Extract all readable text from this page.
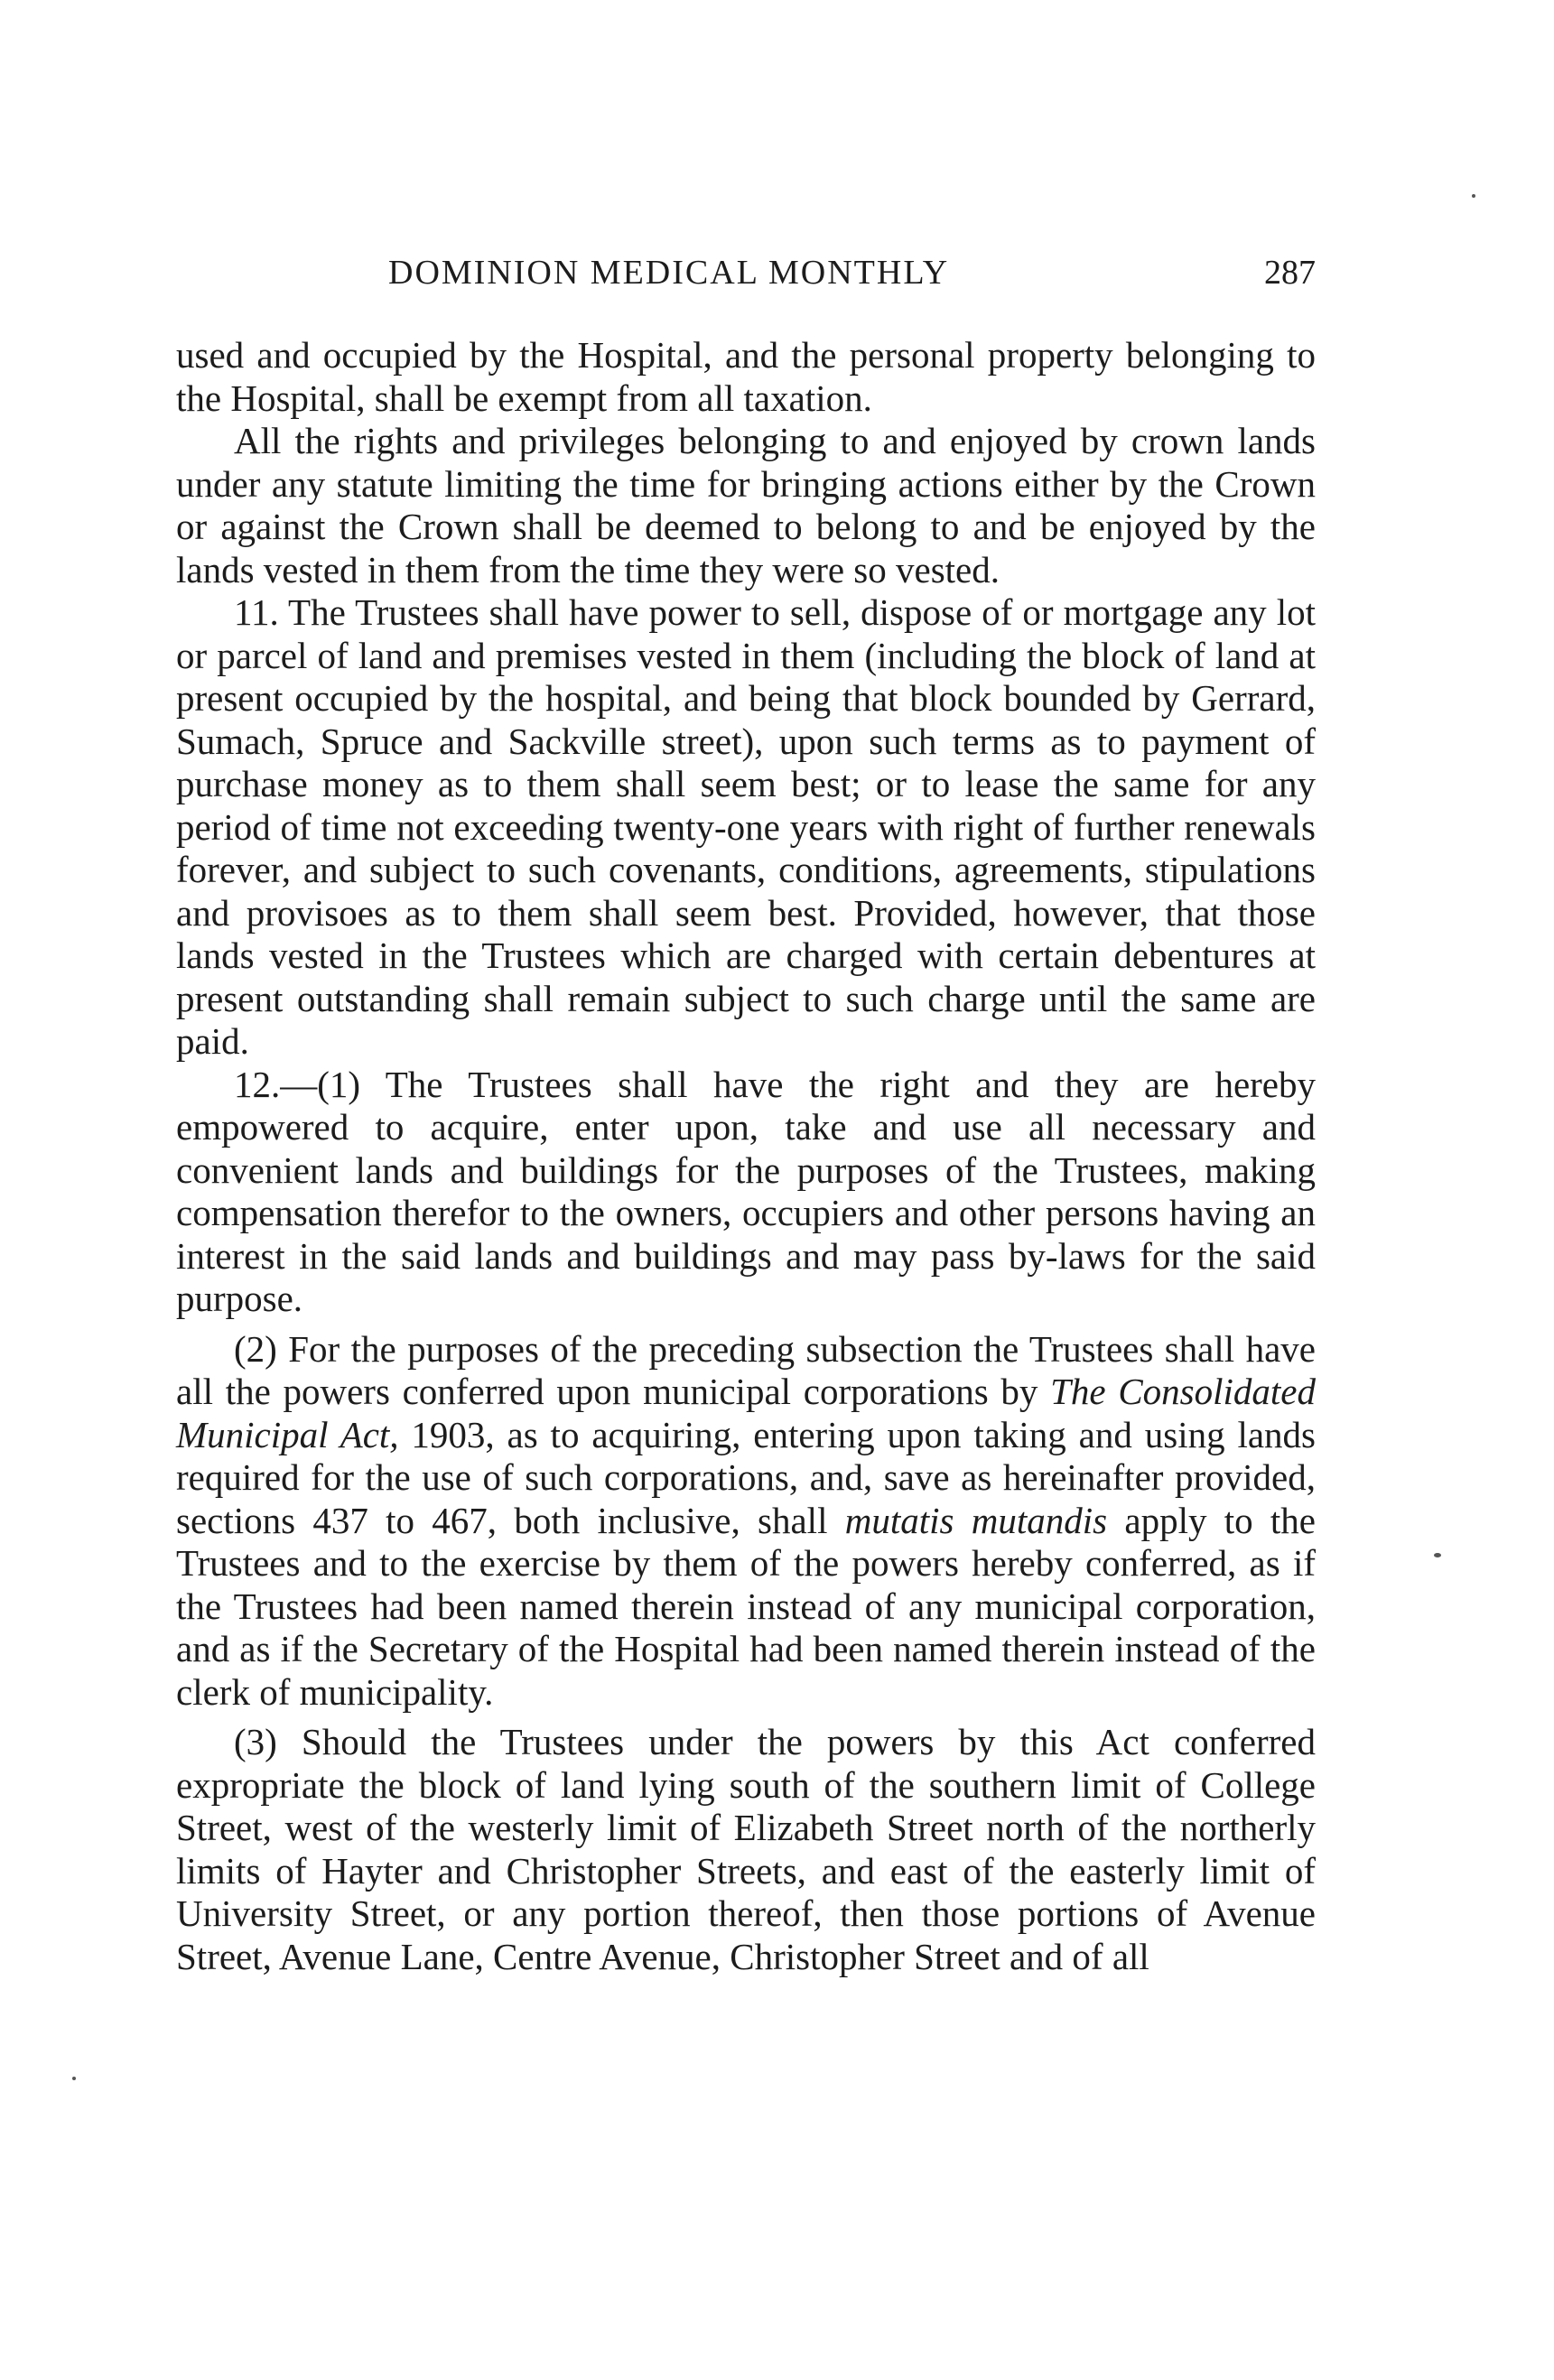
DOMINION MEDICAL MONTHLY	287

used and occupied by the Hospital, and the personal property belonging to the Hospital, shall be exempt from all taxation.

All the rights and privileges belonging to and enjoyed by crown lands under any statute limiting the time for bringing actions either by the Crown or against the Crown shall be deemed to belong to and be enjoyed by the lands vested in them from the time they were so vested.

11. The Trustees shall have power to sell, dispose of or mortgage any lot or parcel of land and premises vested in them (including the block of land at present occupied by the hospital, and being that block bounded by Gerrard, Sumach, Spruce and Sackville street), upon such terms as to payment of purchase money as to them shall seem best; or to lease the same for any period of time not exceeding twenty-one years with right of further renewals forever, and subject to such covenants, conditions, agreements, stipulations and provisoes as to them shall seem best. Provided, however, that those lands vested in the Trustees which are charged with certain debentures at present outstanding shall remain subject to such charge until the same are paid.

12.—(1) The Trustees shall have the right and they are hereby empowered to acquire, enter upon, take and use all necessary and convenient lands and buildings for the purposes of the Trustees, making compensation therefor to the owners, occupiers and other persons having an interest in the said lands and buildings and may pass by-laws for the said purpose.

(2) For the purposes of the preceding subsection the Trustees shall have all the powers conferred upon municipal corporations by The Consolidated Municipal Act, 1903, as to acquiring, entering upon taking and using lands required for the use of such corporations, and, save as hereinafter provided, sections 437 to 467, both inclusive, shall mutatis mutandis apply to the Trustees and to the exercise by them of the powers hereby conferred, as if the Trustees had been named therein instead of any municipal corporation, and as if the Secretary of the Hospital had been named therein instead of the clerk of municipality.

(3) Should the Trustees under the powers by this Act conferred expropriate the block of land lying south of the southern limit of College Street, west of the westerly limit of Elizabeth Street north of the northerly limits of Hayter and Christopher Streets, and east of the easterly limit of University Street, or any portion thereof, then those portions of Avenue Street, Avenue Lane, Centre Avenue, Christopher Street and of all
